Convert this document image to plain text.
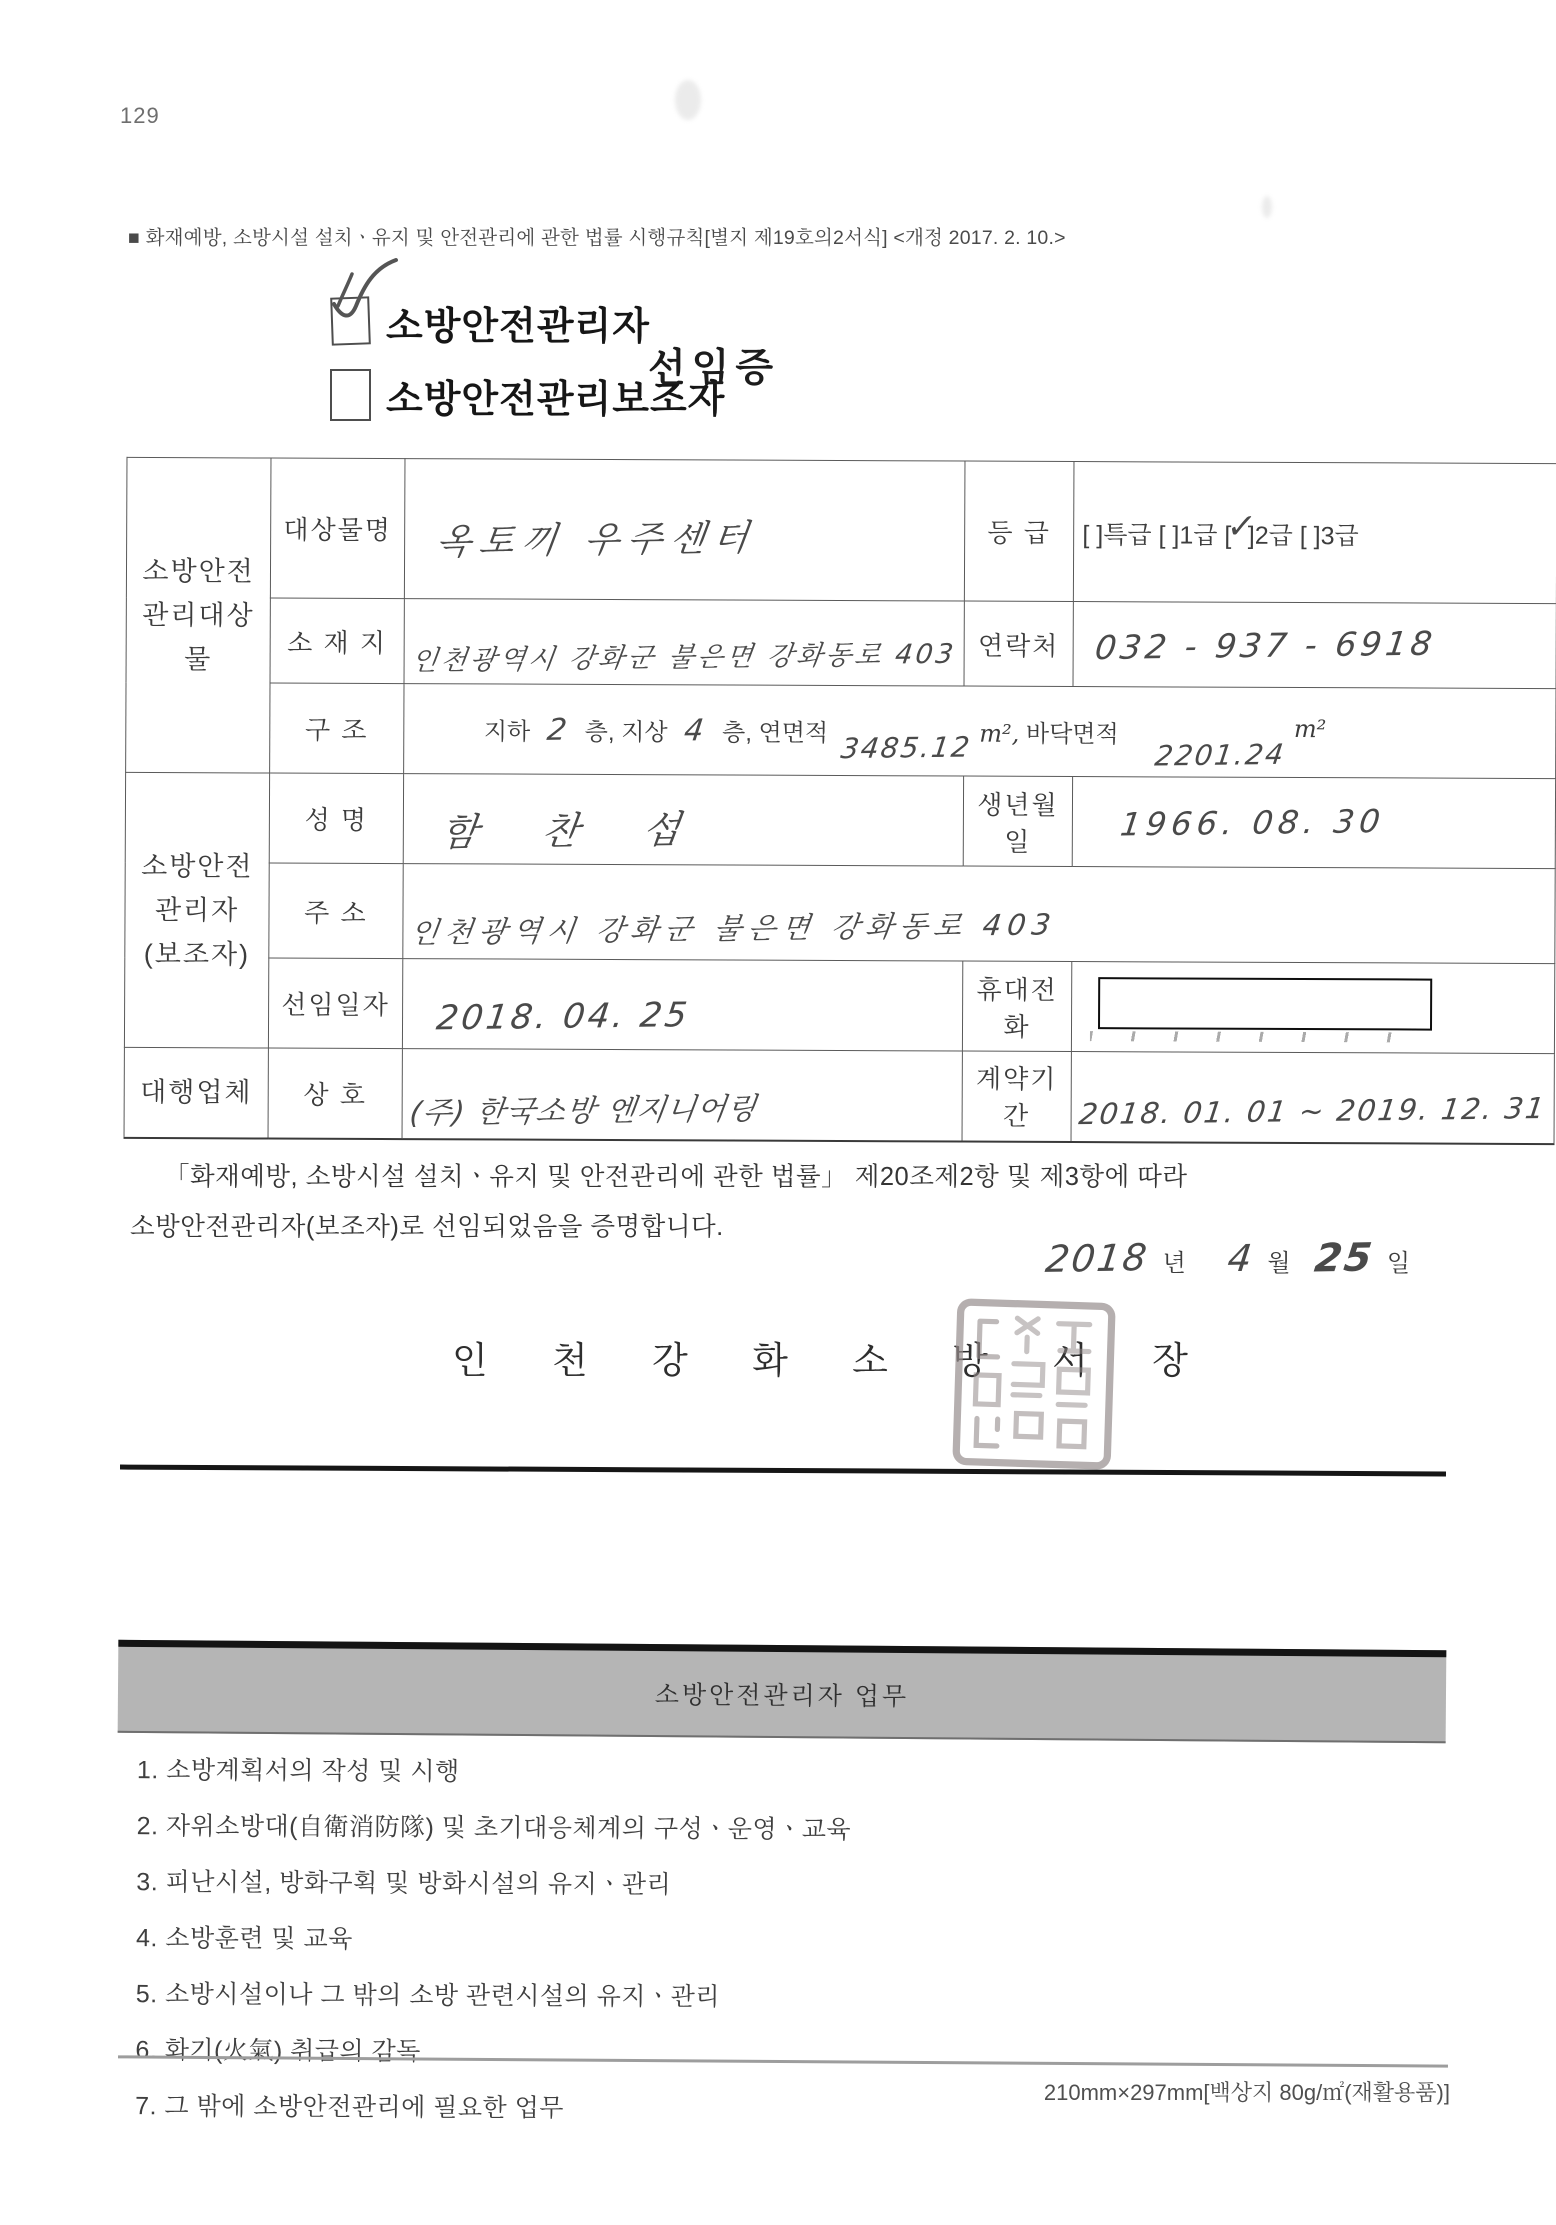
129
■ 화재예방, 소방시설 설치ㆍ유지 및 안전관리에 관한 법률 시행규칙[별지 제19호의2서식] <개정 2017. 2. 10.>
소방안전관리자
소방안전관리보조자
선임증
소방안전
관리대상물	대상물명	옥토끼 우주센터	등 급	[ ]특급 [ ]1급 [✓]2급 [ ]3급
	소 재 지	인천광역시 강화군 불은면 강화동로 403	연락처	032 - 937 - 6918
	구 조	지하 2 층, 지상 4 층, 연면적 3485.12 m², 바닥면적 2201.24 m²		

소방안전
관리자
(보조자)	성 명	함 찬 섭	생년월일	1966. 08. 30
	주 소	인천광역시 강화군 불은면 강화동로 403		
	선임일자	2018. 04. 25	휴대전화	

대행업체	상 호	(주) 한국소방 엔지니어링	계약기간	2018. 01. 01 ~ 2019. 12. 31
「화재예방, 소방시설 설치ㆍ유지 및 안전관리에 관한 법률」 제20조제2항 및 제3항에 따라
소방안전관리자(보조자)로 선임되었음을 증명합니다.
2018 년 4 월 25 일
인 천 강 화 소 방 서 장
소방안전관리자 업무
1. 소방계획서의 작성 및 시행
2. 자위소방대(自衛消防隊) 및 초기대응체계의 구성ㆍ운영ㆍ교육
3. 피난시설, 방화구획 및 방화시설의 유지ㆍ관리
4. 소방훈련 및 교육
5. 소방시설이나 그 밖의 소방 관련시설의 유지ㆍ관리
6. 화기(火氣) 취급의 감독
7. 그 밖에 소방안전관리에 필요한 업무	210mm×297mm[백상지 80g/㎡(재활용품)]
